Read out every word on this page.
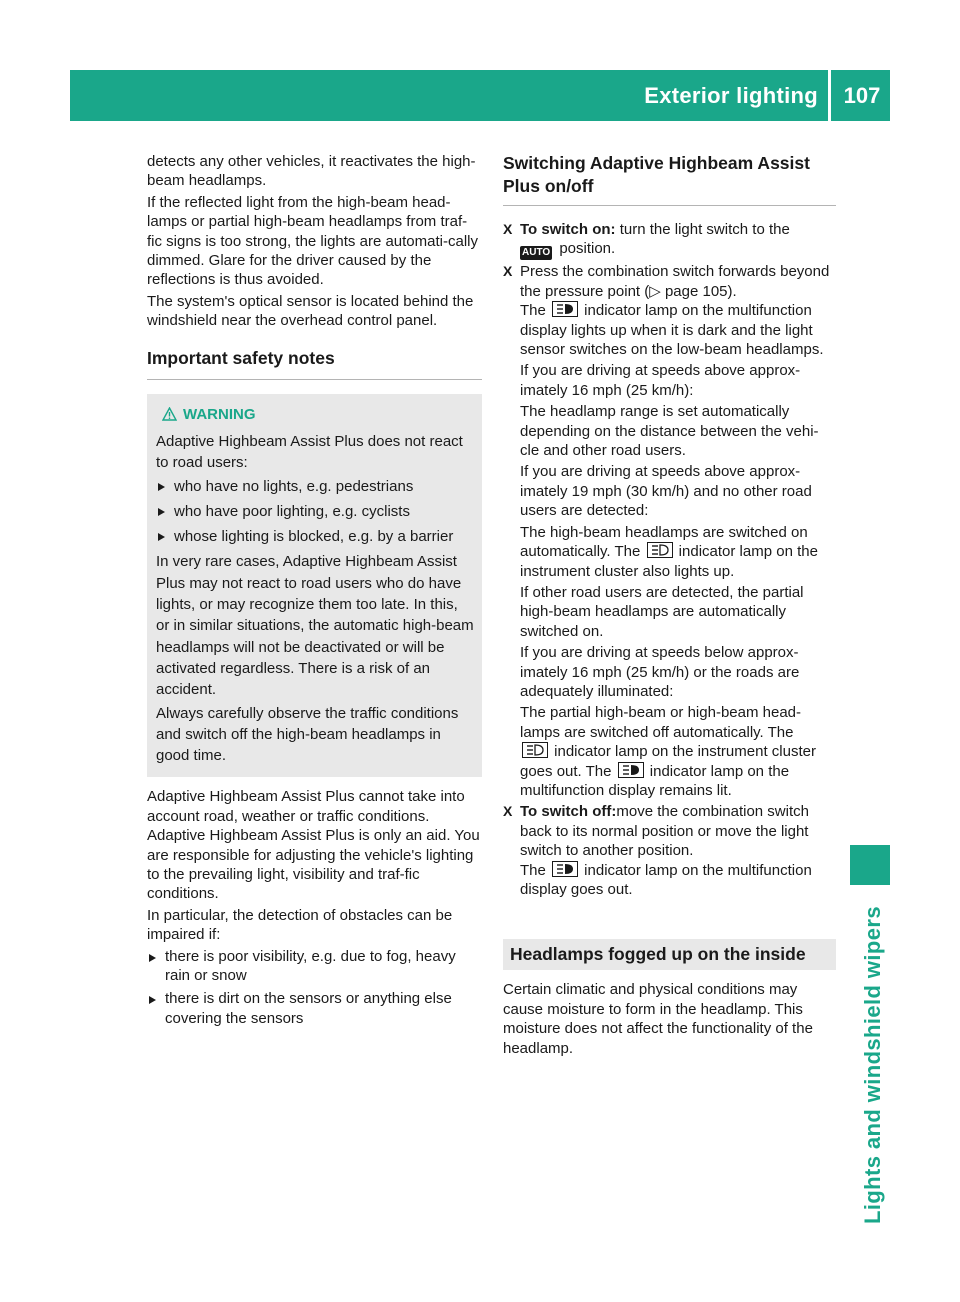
Exterior lighting	107
Lights and windshield wipers

detects any other vehicles, it reactivates the high-beam headlamps.

If the reflected light from the high-beam head-lamps or partial high-beam headlamps from traf-fic signs is too strong, the lights are automati-cally dimmed. Glare for the driver caused by the reflections is thus avoided.

The system's optical sensor is located behind the windshield near the overhead control panel.

Important safety notes
WARNING

Adaptive Highbeam Assist Plus does not react to road users:

who have no lights, e.g. pedestrians
who have poor lighting, e.g. cyclists
whose lighting is blocked, e.g. by a barrier

In very rare cases, Adaptive Highbeam Assist Plus may not react to road users who do have lights, or may recognize them too late. In this, or in similar situations, the automatic high-beam headlamps will not be deactivated or will be activated regardless. There is a risk of an accident.

Always carefully observe the traffic conditions and switch off the high-beam headlamps in good time.

Adaptive Highbeam Assist Plus cannot take into account road, weather or traffic conditions. Adaptive Highbeam Assist Plus is only an aid. You are responsible for adjusting the vehicle's lighting to the prevailing light, visibility and traf-fic conditions.

In particular, the detection of obstacles can be impaired if:

there is poor visibility, e.g. due to fog, heavy rain or snow
there is dirt on the sensors or anything else covering the sensors
Switching Adaptive Highbeam Assist Plus on/off
X To switch on: turn the light switch to the
AUTO position.
X Press the combination switch forwards beyond the pressure point (▷ page 105).
The  indicator lamp on the multifunction display lights up when it is dark and the light sensor switches on the low-beam headlamps.

If you are driving at speeds above approx-imately 16 mph (25 km/h):

The headlamp range is set automatically depending on the distance between the vehi-cle and other road users.

If you are driving at speeds above approx-imately 19 mph (30 km/h) and no other road users are detected:

The high-beam headlamps are switched on automatically. The  indicator lamp on the instrument cluster also lights up.

If other road users are detected, the partial high-beam headlamps are automatically switched on.

If you are driving at speeds below approx-imately 16 mph (25 km/h) or the roads are adequately illuminated:

The partial high-beam or high-beam head-lamps are switched off automatically. The
indicator lamp on the instrument cluster goes out. The  indicator lamp on the multifunction display remains lit.

X To switch off:move the combination switch back to its normal position or move the light switch to another position.
The  indicator lamp on the multifunction display goes out.
Headlamps fogged up on the inside

Certain climatic and physical conditions may cause moisture to form in the headlamp. This moisture does not affect the functionality of the headlamp.
